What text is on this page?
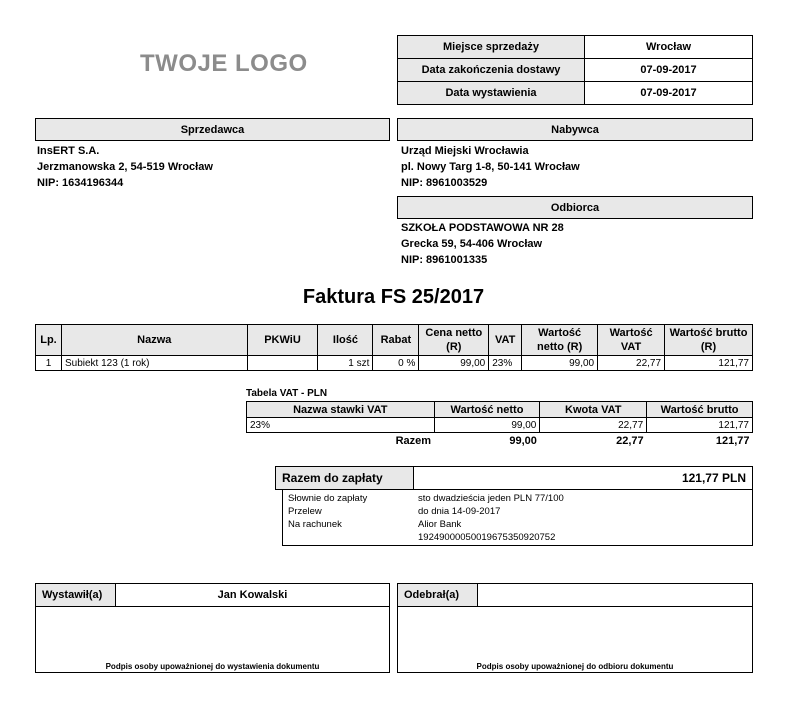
TWOJE LOGO
Miejsce sprzedaży	Wrocław
Data zakończenia dostawy	07-09-2017
Data wystawienia	07-09-2017
Sprzedawca
InsERT S.A.
Jerzmanowska 2, 54-519 Wrocław
NIP: 1634196344
Nabywca
Urząd Miejski Wrocławia
pl. Nowy Targ 1-8, 50-141 Wrocław
NIP: 8961003529
Odbiorca
SZKOŁA PODSTAWOWA NR 28
Grecka 59, 54-406 Wrocław
NIP: 8961001335
Faktura FS 25/2017
Lp.	Nazwa	PKWiU	Ilość	Rabat	Cena netto (R)	VAT	Wartość netto (R)	Wartość VAT	Wartość brutto (R)
1	Subiekt 123 (1 rok)		1 szt	0 %	99,00	23%	99,00	22,77	121,77
Tabela VAT - PLN
Nazwa stawki VAT	Wartość netto	Kwota VAT	Wartość brutto
23%	99,00	22,77	121,77
Razem	99,00	22,77	121,77
Razem do zapłaty	121,77 PLN
Słownie do zapłaty	sto dwadzieścia jeden PLN 77/100
Przelew	do dnia 14-09-2017
Na rachunek	Alior Bank
19249000050019675350920752
Wystawił(a)	Jan Kowalski
Podpis osoby upoważnionej do wystawienia dokumentu
Odebrał(a)
Podpis osoby upoważnionej do odbioru dokumentu
